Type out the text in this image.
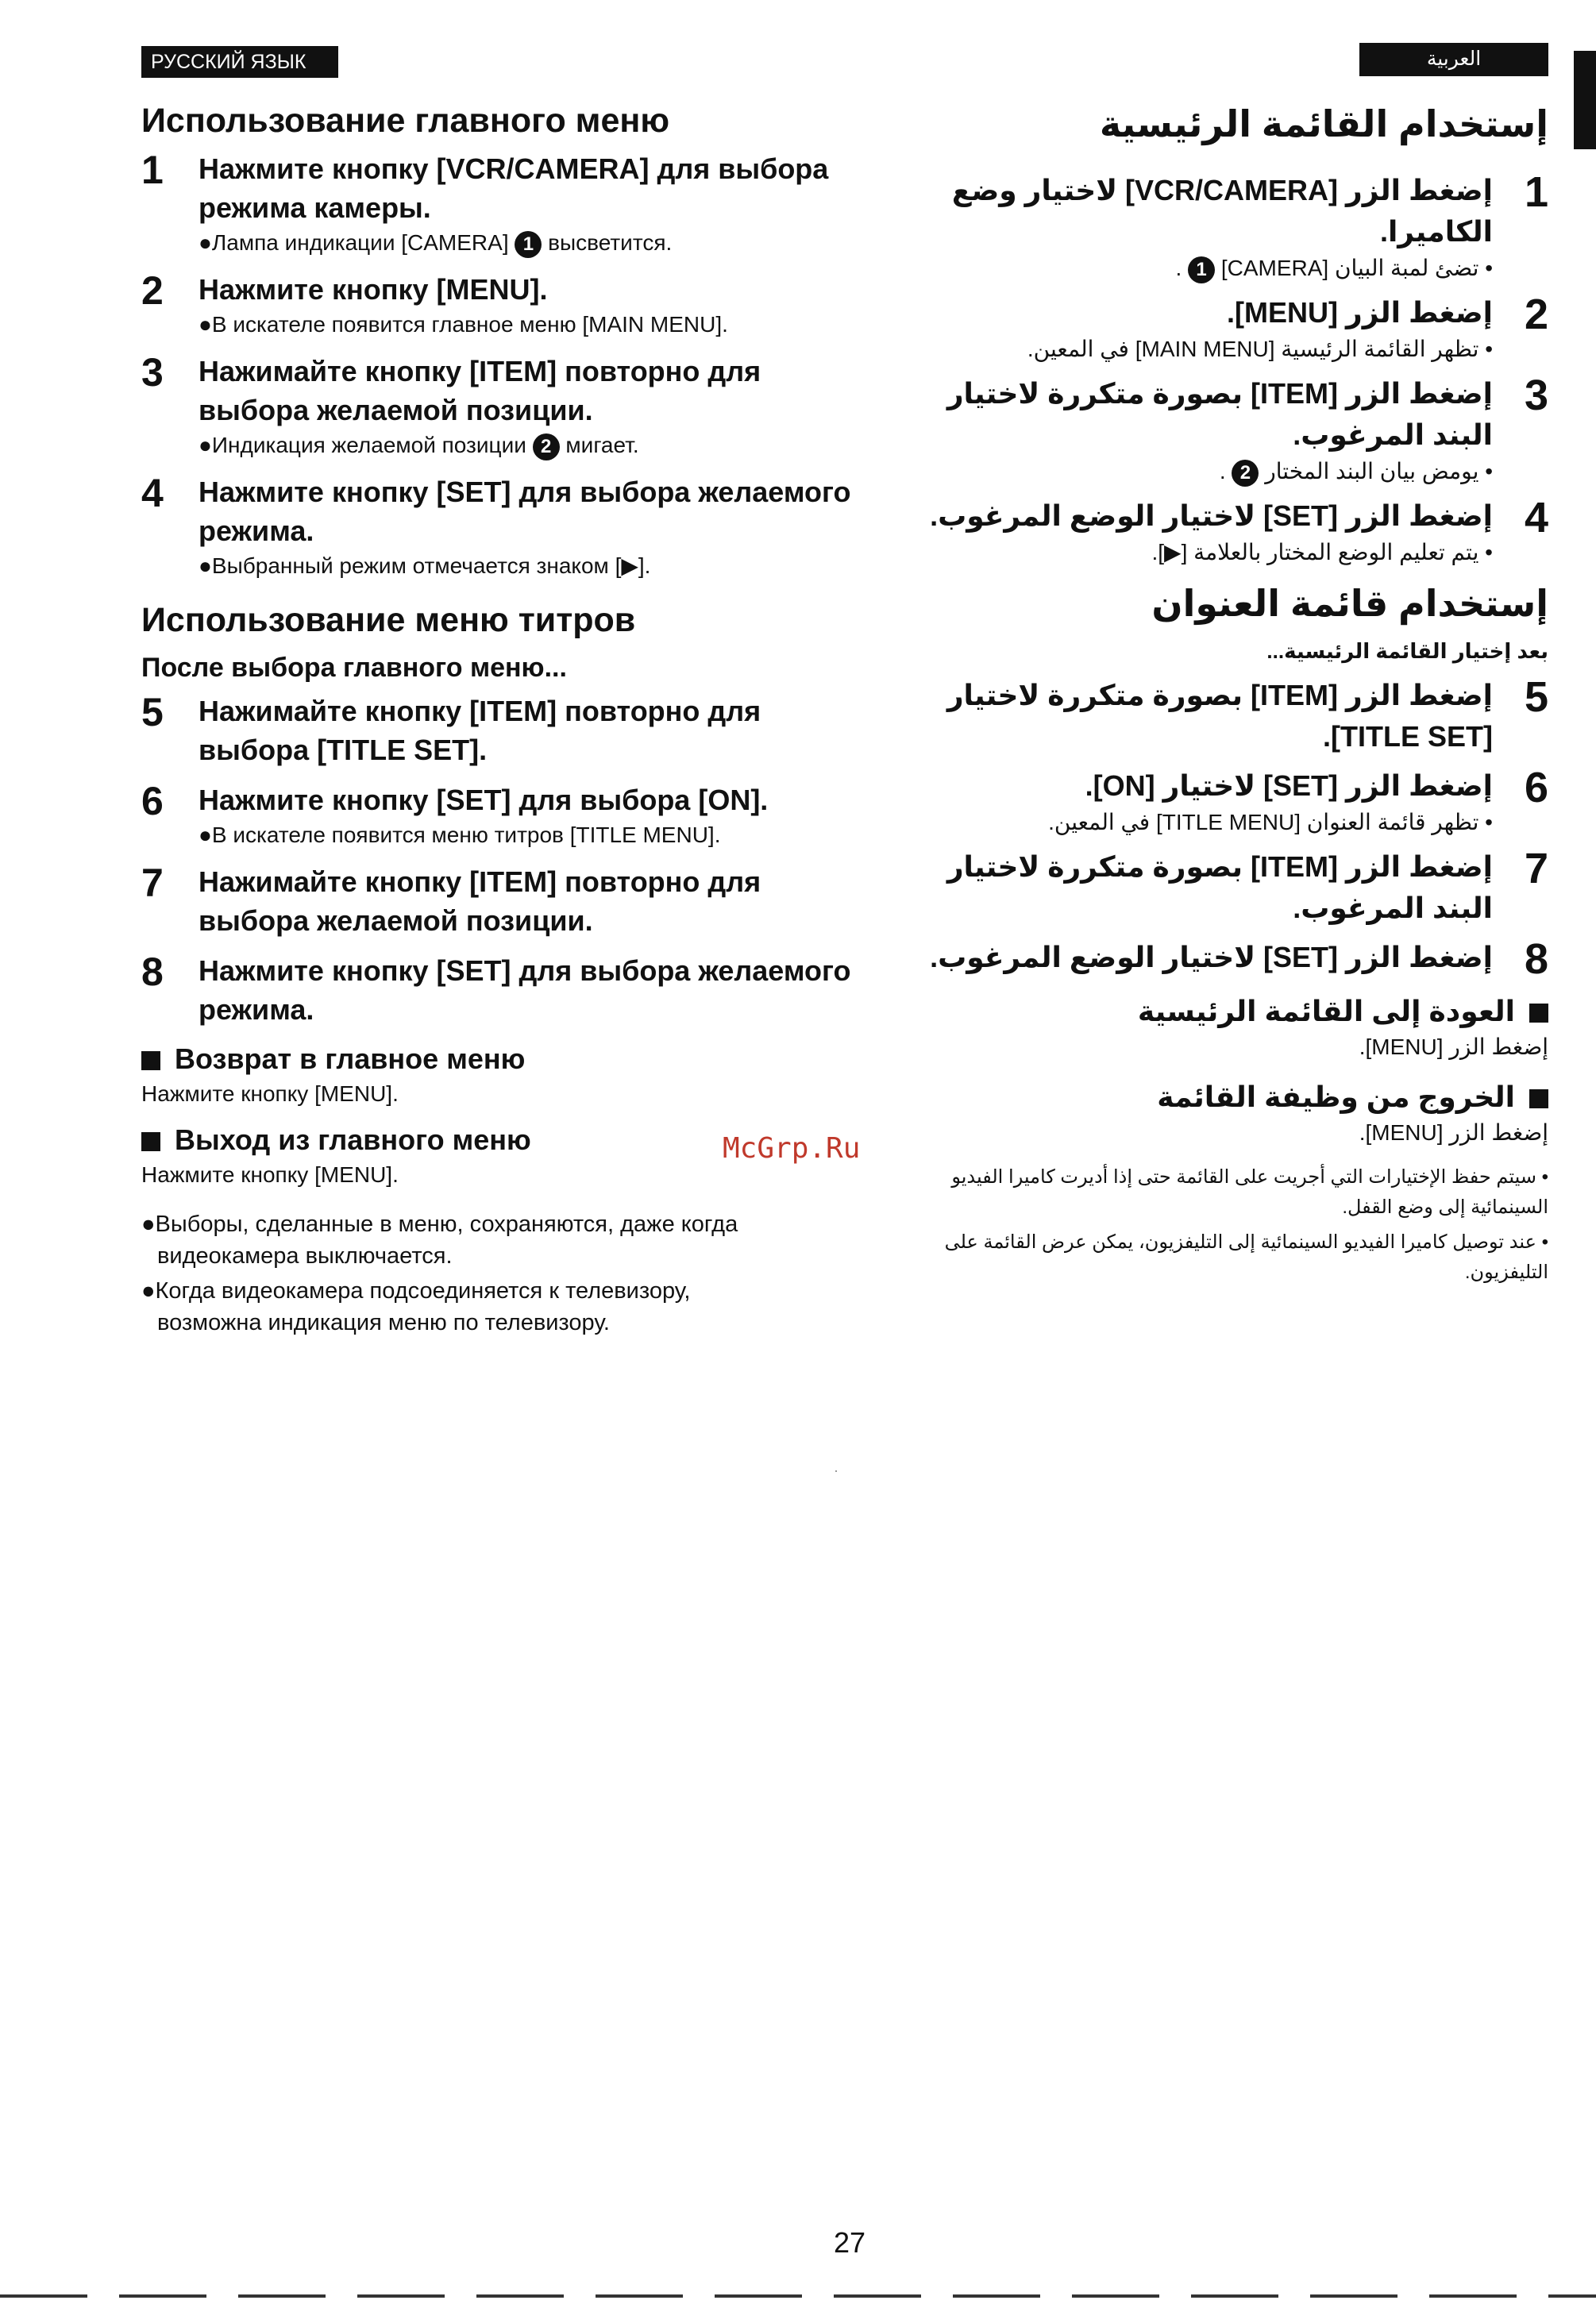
РУССКИЙ ЯЗЫК	العربية
Использование главного меню
1	Нажмите кнопку [VCR/CAMERA] для выбора режима камеры.
●Лампа индикации [CAMERA] 1 высветится.
2	Нажмите кнопку [MENU].
●В искателе появится главное меню [MAIN MENU].
3	Нажимайте кнопку [ITEM] повторно для выбора желаемой позиции.
●Индикация желаемой позиции 2 мигает.
4	Нажмите кнопку [SET] для выбора желаемого режима.
●Выбранный режим отмечается знаком [▶].
Использование меню титров
После выбора главного меню...
5	Нажимайте кнопку [ITEM] повторно для выбора [TITLE SET].
6	Нажмите кнопку [SET] для выбора [ON].
●В искателе появится меню титров [TITLE MENU].
7	Нажимайте кнопку [ITEM] повторно для выбора желаемой позиции.
8	Нажмите кнопку [SET] для выбора желаемого режима.
Возврат в главное меню
Нажмите кнопку [MENU].
Выход из главного меню
Нажмите кнопку [MENU].
●Выборы, сделанные в меню, сохраняются, даже когда видеокамера выключается.
●Когда видеокамера подсоединяется к телевизору, возможна индикация меню по телевизору.
إستخدام القائمة الرئيسية
1
إضغط الزر [VCR/CAMERA] لاختيار وضع الكاميرا.
• تضئ لمبة البيان [CAMERA] 1 .
2
إضغط الزر [MENU].
• تظهر القائمة الرئيسية [MAIN MENU] في المعين.
3
إضغط الزر [ITEM] بصورة متكررة لاختيار البند المرغوب.
• يومض بيان البند المختار 2 .
4
إضغط الزر [SET] لاختيار الوضع المرغوب.
• يتم تعليم الوضع المختار بالعلامة [▶].
إستخدام قائمة العنوان
بعد إختيار القائمة الرئيسية...
5
إضغط الزر [ITEM] بصورة متكررة لاختيار [TITLE SET].
6
إضغط الزر [SET] لاختيار [ON].
• تظهر قائمة العنوان [TITLE MENU] في المعين.
7
إضغط الزر [ITEM] بصورة متكررة لاختيار البند المرغوب.
8
إضغط الزر [SET] لاختيار الوضع المرغوب.
العودة إلى القائمة الرئيسية
إضغط الزر [MENU].
الخروج من وظيفة القائمة
إضغط الزر [MENU].
• سيتم حفظ الإختيارات التي أجريت على القائمة حتى إذا أديرت كاميرا الفيديو السينمائية إلى وضع القفل.
• عند توصيل كاميرا الفيديو السينمائية إلى التليفزيون، يمكن عرض القائمة على التليفزيون.
McGrp.Ru
27
